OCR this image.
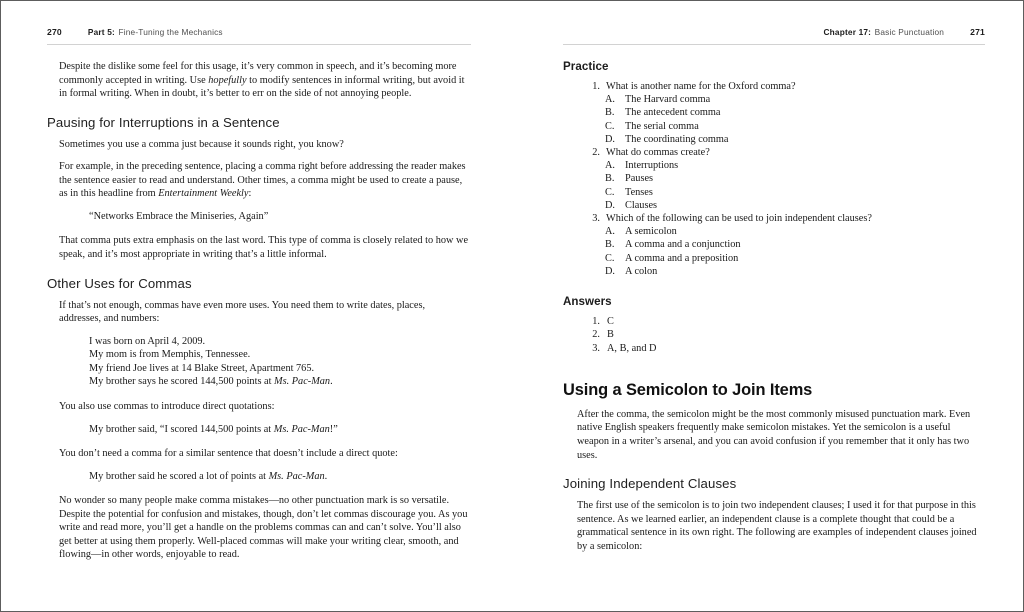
270	Part 5: Fine-Tuning the Mechanics

Despite the dislike some feel for this usage, it’s very common in speech, and it’s becoming more commonly accepted in writing. Use hopefully to modify sentences in informal writing, but avoid it in formal writing. When in doubt, it’s better to err on the side of not annoying people.

Pausing for Interruptions in a Sentence

Sometimes you use a comma just because it sounds right, you know?

For example, in the preceding sentence, placing a comma right before addressing the reader makes the sentence easier to read and understand. Other times, a comma might be used to create a pause, as in this headline from Entertainment Weekly:

“Networks Embrace the Miniseries, Again”

That comma puts extra emphasis on the last word. This type of comma is closely related to how we speak, and it’s most appropriate in writing that’s a little informal.

Other Uses for Commas

If that’s not enough, commas have even more uses. You need them to write dates, places, addresses, and numbers:

I was born on April 4, 2009.
My mom is from Memphis, Tennessee.
My friend Joe lives at 14 Blake Street, Apartment 765.
My brother says he scored 144,500 points at Ms. Pac-Man.

You also use commas to introduce direct quotations:

My brother said, “I scored 144,500 points at Ms. Pac-Man!”

You don’t need a comma for a similar sentence that doesn’t include a direct quote:

My brother said he scored a lot of points at Ms. Pac-Man.

No wonder so many people make comma mistakes—no other punctuation mark is so versatile. Despite the potential for confusion and mistakes, though, don’t let commas discourage you. As you write and read more, you’ll get a handle on the problems commas can and can’t solve. You’ll also get better at using them properly. Well-placed commas will make your writing clear, smooth, and flowing—in other words, enjoyable to read.

Chapter 17: Basic Punctuation	271
Practice
1. What is another name for the Oxford comma?
A. The Harvard comma
B.	The antecedent comma
C.	The serial comma
D. The coordinating comma
2. What do commas create?
A. Interruptions
B.	Pauses
C.	Tenses
D. Clauses
3. Which of the following can be used to join independent clauses?
A. A semicolon
B.	A comma and a conjunction
C.	A comma and a preposition
D. A colon
Answers
1. C
2. B
3. A, B, and D
Using a Semicolon to Join Items

After the comma, the semicolon might be the most commonly misused punctuation mark. Even native English speakers frequently make semicolon mistakes. Yet the semicolon is a useful weapon in a writer’s arsenal, and you can avoid confusion if you remember that it only has two uses.

Joining Independent Clauses

The first use of the semicolon is to join two independent clauses; I used it for that purpose in this sentence. As we learned earlier, an independent clause is a complete thought that could be a grammatical sentence in its own right. The following are examples of independent clauses joined by a semicolon:
